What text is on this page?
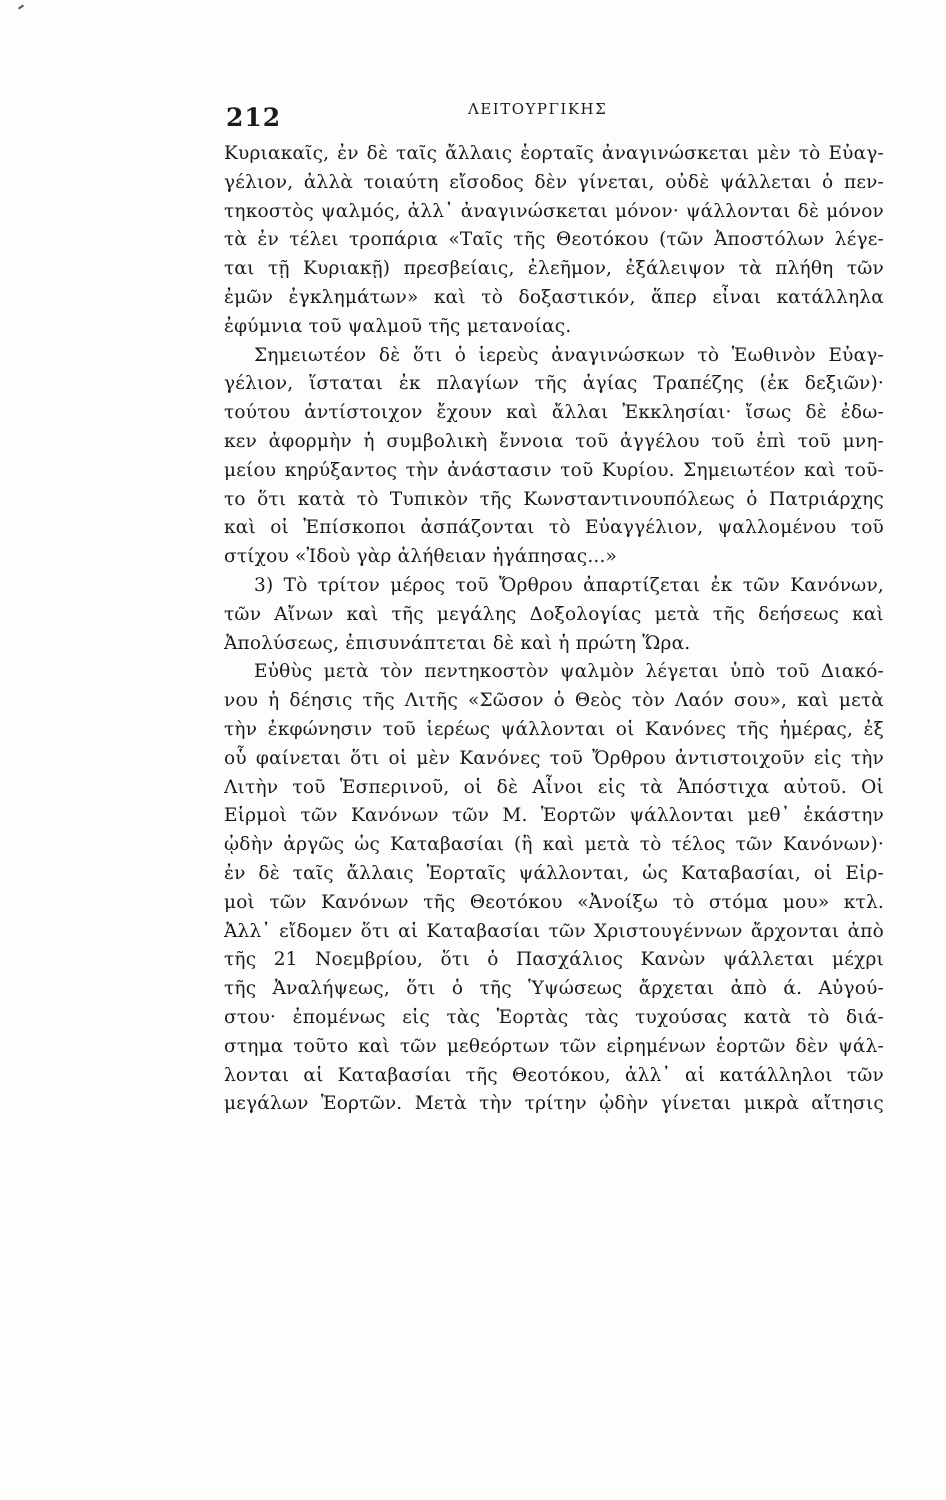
212	ΛΕΙΤΟΥΡΓΙΚΗΣ
Κυριακαῖς, ἐν δὲ ταῖς ἄλλαις ἑορταῖς ἀναγινώσκεται μὲν τὸ Εὐαγ-
γέλιον, ἀλλὰ τοιαύτη εἴσοδος δὲν γίνεται, οὐδὲ ψάλλεται ὁ πεν-
τηκοστὸς ψαλμός, ἀλλ᾽ ἀναγινώσκεται μόνον· ψάλλονται δὲ μόνον
τὰ ἐν τέλει τροπάρια «Ταῖς τῆς Θεοτόκου (τῶν Ἀποστόλων λέγε-
ται τῇ Κυριακῇ) πρεσβείαις, ἐλεῆμον, ἐξάλειψον τὰ πλήθη τῶν
ἐμῶν ἐγκλημάτων» καὶ τὸ δοξαστικόν, ἅπερ εἶναι κατάλληλα
ἐφύμνια τοῦ ψαλμοῦ τῆς μετανοίας.
Σημειωτέον δὲ ὅτι ὁ ἱερεὺς ἀναγινώσκων τὸ Ἑωθινὸν Εὐαγ-
γέλιον, ἵσταται ἐκ πλαγίων τῆς ἁγίας Τραπέζης (ἐκ δεξιῶν)·
τούτου ἀντίστοιχον ἔχουν καὶ ἄλλαι Ἐκκλησίαι· ἴσως δὲ ἐδω-
κεν ἀφορμὴν ἡ συμβολικὴ ἔννοια τοῦ ἀγγέλου τοῦ ἐπὶ τοῦ μνη-
μείου κηρύξαντος τὴν ἀνάστασιν τοῦ Κυρίου. Σημειωτέον καὶ τοῦ-
το ὅτι κατὰ τὸ Τυπικὸν τῆς Κωνσταντινουπόλεως ὁ Πατριάρχης
καὶ οἱ Ἐπίσκοποι ἀσπάζονται τὸ Εὐαγγέλιον, ψαλλομένου τοῦ
στίχου «Ἰδοὺ γὰρ ἀλήθειαν ἠγάπησας...»
3) Τὸ τρίτον μέρος τοῦ Ὄρθρου ἀπαρτίζεται ἐκ τῶν Κανόνων,
τῶν Αἴνων καὶ τῆς μεγάλης Δοξολογίας μετὰ τῆς δεήσεως καὶ
Ἀπολύσεως, ἐπισυνάπτεται δὲ καὶ ἡ πρώτη Ὥρα.
Εὐθὺς μετὰ τὸν πεντηκοστὸν ψαλμὸν λέγεται ὑπὸ τοῦ Διακό-
νου ἡ δέησις τῆς Λιτῆς «Σῶσον ὁ Θεὸς τὸν Λαόν σου», καὶ μετὰ
τὴν ἐκφώνησιν τοῦ ἱερέως ψάλλονται οἱ Κανόνες τῆς ἡμέρας, ἐξ
οὗ φαίνεται ὅτι οἱ μὲν Κανόνες τοῦ Ὄρθρου ἀντιστοιχοῦν εἰς τὴν
Λιτὴν τοῦ Ἑσπερινοῦ, οἱ δὲ Αἶνοι εἰς τὰ Ἀπόστιχα αὐτοῦ. Οἱ
Εἱρμοὶ τῶν Κανόνων τῶν Μ. Ἑορτῶν ψάλλονται μεθ᾽ ἑκάστην
ᾠδὴν ἀργῶς ὡς Καταβασίαι (ἢ καὶ μετὰ τὸ τέλος τῶν Κανόνων)·
ἐν δὲ ταῖς ἄλλαις Ἑορταῖς ψάλλονται, ὡς Καταβασίαι, οἱ Εἱρ-
μοὶ τῶν Κανόνων τῆς Θεοτόκου «Ἀνοίξω τὸ στόμα μου» κτλ.
Ἀλλ᾽ εἴδομεν ὅτι αἱ Καταβασίαι τῶν Χριστουγέννων ἄρχονται ἀπὸ
τῆς 21 Νοεμβρίου, ὅτι ὁ Πασχάλιος Κανὼν ψάλλεται μέχρι
τῆς Ἀναλήψεως, ὅτι ὁ τῆς Ὑψώσεως ἄρχεται ἀπὸ ά. Αὐγού-
στου· ἐπομένως εἰς τὰς Ἑορτὰς τὰς τυχούσας κατὰ τὸ διά-
στημα τοῦτο καὶ τῶν μεθεόρτων τῶν εἰρημένων ἑορτῶν δὲν ψάλ-
λονται αἱ Καταβασίαι τῆς Θεοτόκου, ἀλλ᾽ αἱ κατάλληλοι τῶν
μεγάλων Ἑορτῶν. Μετὰ τὴν τρίτην ᾠδὴν γίνεται μικρὰ αἴτησις
